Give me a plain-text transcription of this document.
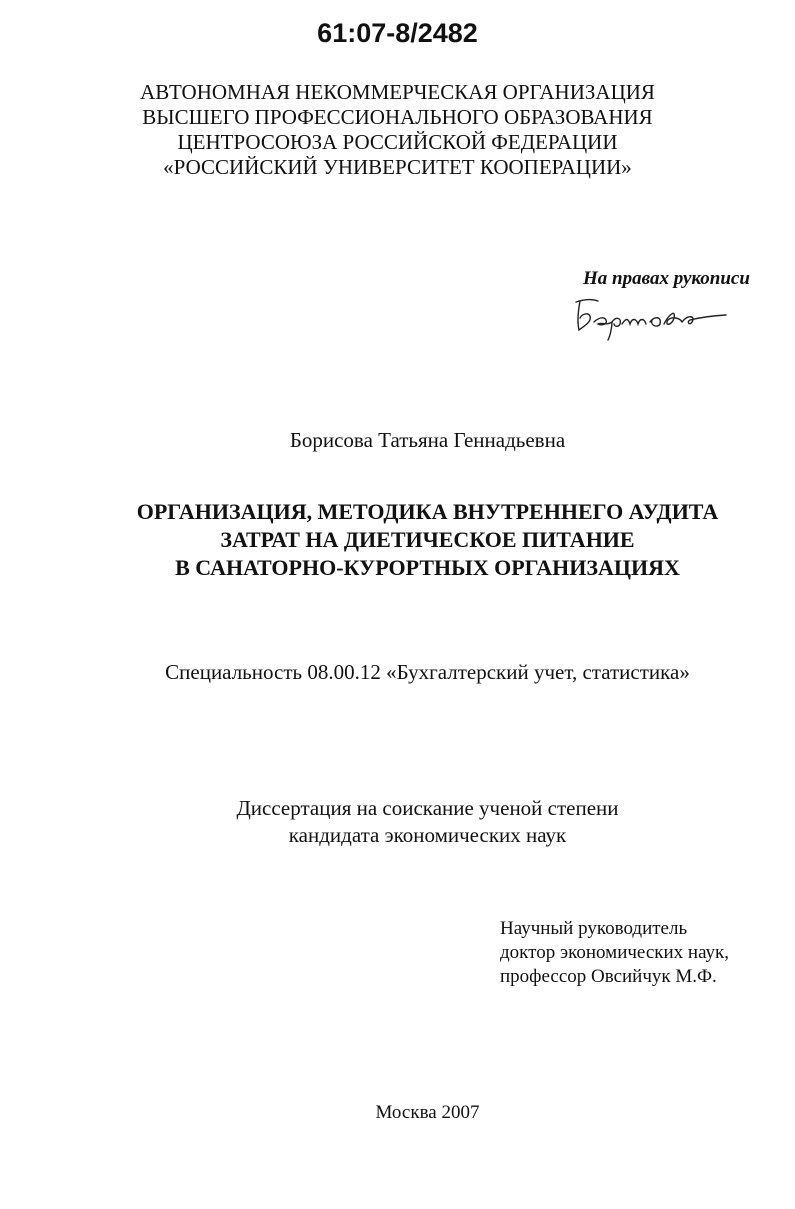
61:07-8/2482
АВТОНОМНАЯ НЕКОММЕРЧЕСКАЯ ОРГАНИЗАЦИЯ
ВЫСШЕГО ПРОФЕССИОНАЛЬНОГО ОБРАЗОВАНИЯ
ЦЕНТРОСОЮЗА РОССИЙСКОЙ ФЕДЕРАЦИИ
«РОССИЙСКИЙ УНИВЕРСИТЕТ КООПЕРАЦИИ»
На правах рукописи
Борисова Татьяна Геннадьевна
ОРГАНИЗАЦИЯ, МЕТОДИКА ВНУТРЕННЕГО АУДИТА
ЗАТРАТ НА ДИЕТИЧЕСКОЕ ПИТАНИЕ
В САНАТОРНО-КУРОРТНЫХ ОРГАНИЗАЦИЯХ
Специальность 08.00.12 «Бухгалтерский учет, статистика»
Диссертация на соискание ученой степени
кандидата экономических наук
Научный руководитель
доктор экономических наук,
профессор Овсийчук М.Ф.
Москва 2007
